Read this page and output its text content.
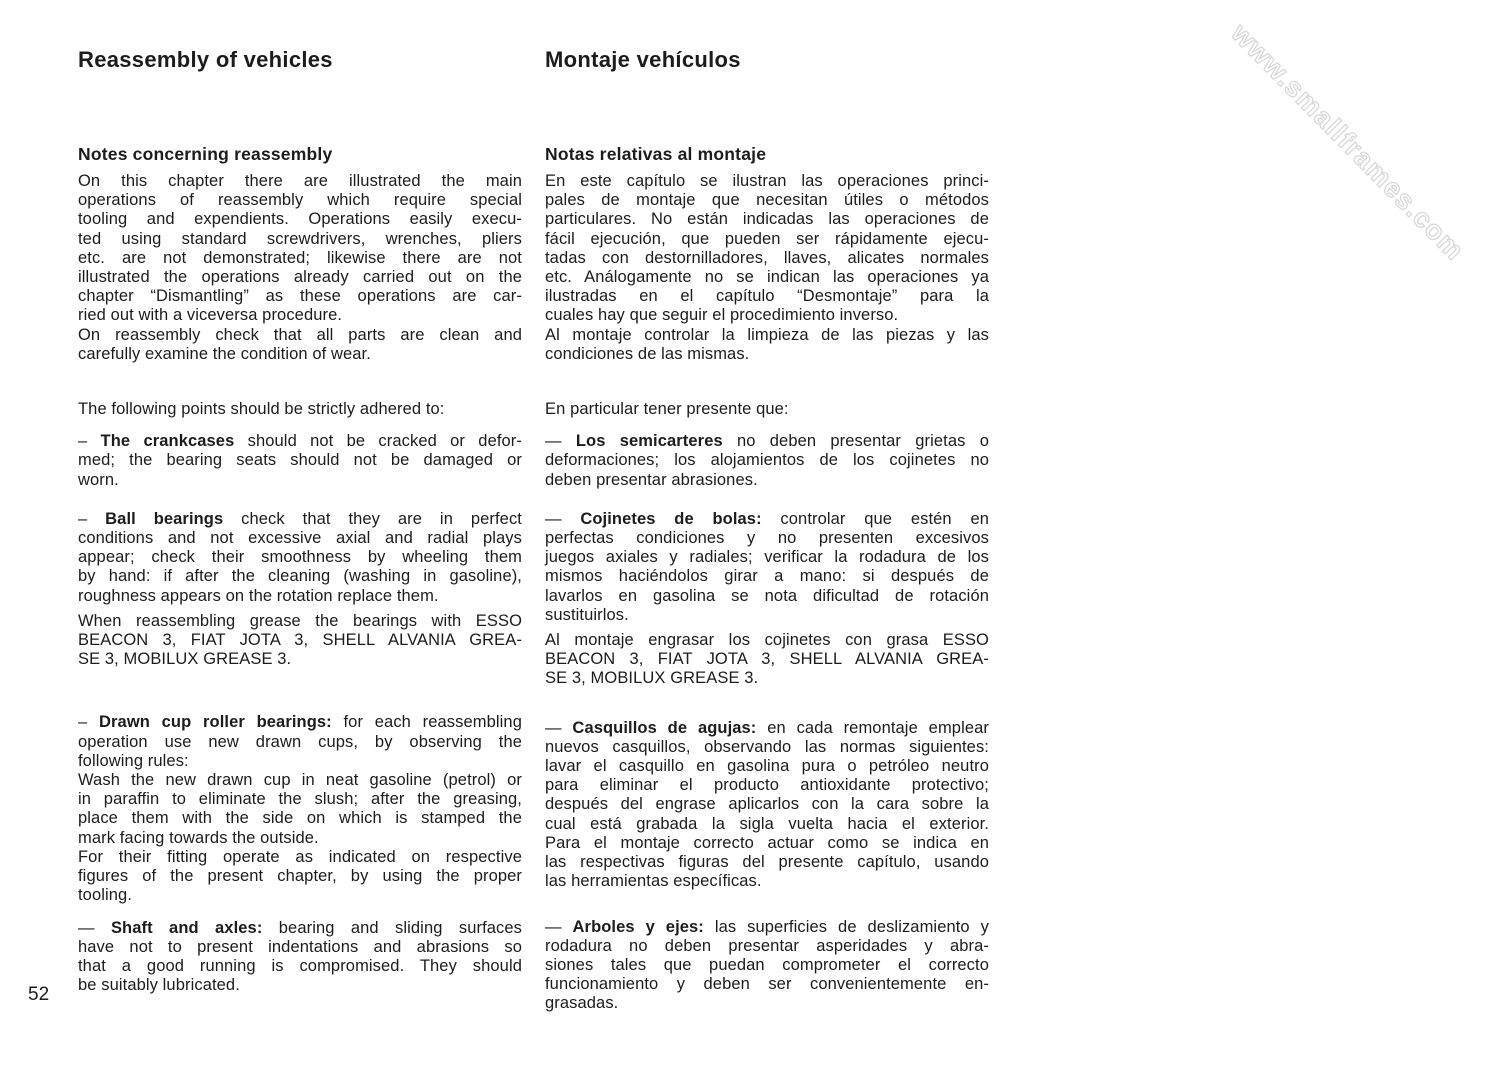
www.smallframes.com
Reassembly of vehicles
Notes concerning reassembly
On this chapter there are illustrated the main
operations of reassembly which require special
tooling and expendients. Operations easily execu-
ted using standard screwdrivers, wrenches, pliers
etc. are not demonstrated; likewise there are not
illustrated the operations already carried out on the
chapter “Dismantling” as these operations are car-
ried out with a viceversa procedure.
On reassembly check that all parts are clean and
carefully examine the condition of wear.
The following points should be strictly adhered to:
– The crankcases should not be cracked or defor-
med; the bearing seats should not be damaged or
worn.
– Ball bearings check that they are in perfect
conditions and not excessive axial and radial plays
appear; check their smoothness by wheeling them
by hand: if after the cleaning (washing in gasoline),
roughness appears on the rotation replace them.
When reassembling grease the bearings with ESSO
BEACON 3, FIAT JOTA 3, SHELL ALVANIA GREA-
SE 3, MOBILUX GREASE 3.
– Drawn cup roller bearings: for each reassembling
operation use new drawn cups, by observing the
following rules:
Wash the new drawn cup in neat gasoline (petrol) or
in paraffin to eliminate the slush; after the greasing,
place them with the side on which is stamped the
mark facing towards the outside.
For their fitting operate as indicated on respective
figures of the present chapter, by using the proper
tooling.
— Shaft and axles: bearing and sliding surfaces
have not to present indentations and abrasions so
that a good running is compromised. They should
be suitably lubricated.
Montaje vehículos
Notas relativas al montaje
En este capítulo se ilustran las operaciones princi-
pales de montaje que necesitan útiles o métodos
particulares. No están indicadas las operaciones de
fácil ejecución, que pueden ser rápidamente ejecu-
tadas con destornilladores, llaves, alicates normales
etc. Análogamente no se indican las operaciones ya
ilustradas en el capítulo “Desmontaje” para la
cuales hay que seguir el procedimiento inverso.
Al montaje controlar la limpieza de las piezas y las
condiciones de las mismas.
En particular tener presente que:
— Los semicarteres no deben presentar grietas o
deformaciones; los alojamientos de los cojinetes no
deben presentar abrasiones.
— Cojinetes de bolas: controlar que estén en
perfectas condiciones y no presenten excesivos
juegos axiales y radiales; verificar la rodadura de los
mismos haciéndolos girar a mano: si después de
lavarlos en gasolina se nota dificultad de rotación
sustituirlos.
Al montaje engrasar los cojinetes con grasa ESSO
BEACON 3, FIAT JOTA 3, SHELL ALVANIA GREA-
SE 3, MOBILUX GREASE 3.
— Casquillos de agujas: en cada remontaje emplear
nuevos casquillos, observando las normas siguientes:
lavar el casquillo en gasolina pura o petróleo neutro
para eliminar el producto antioxidante protectivo;
después del engrase aplicarlos con la cara sobre la
cual está grabada la sigla vuelta hacia el exterior.
Para el montaje correcto actuar como se indica en
las respectivas figuras del presente capítulo, usando
las herramientas específicas.
— Arboles y ejes: las superficies de deslizamiento y
rodadura no deben presentar asperidades y abra-
siones tales que puedan comprometer el correcto
funcionamiento y deben ser convenientemente en-
grasadas.
52
